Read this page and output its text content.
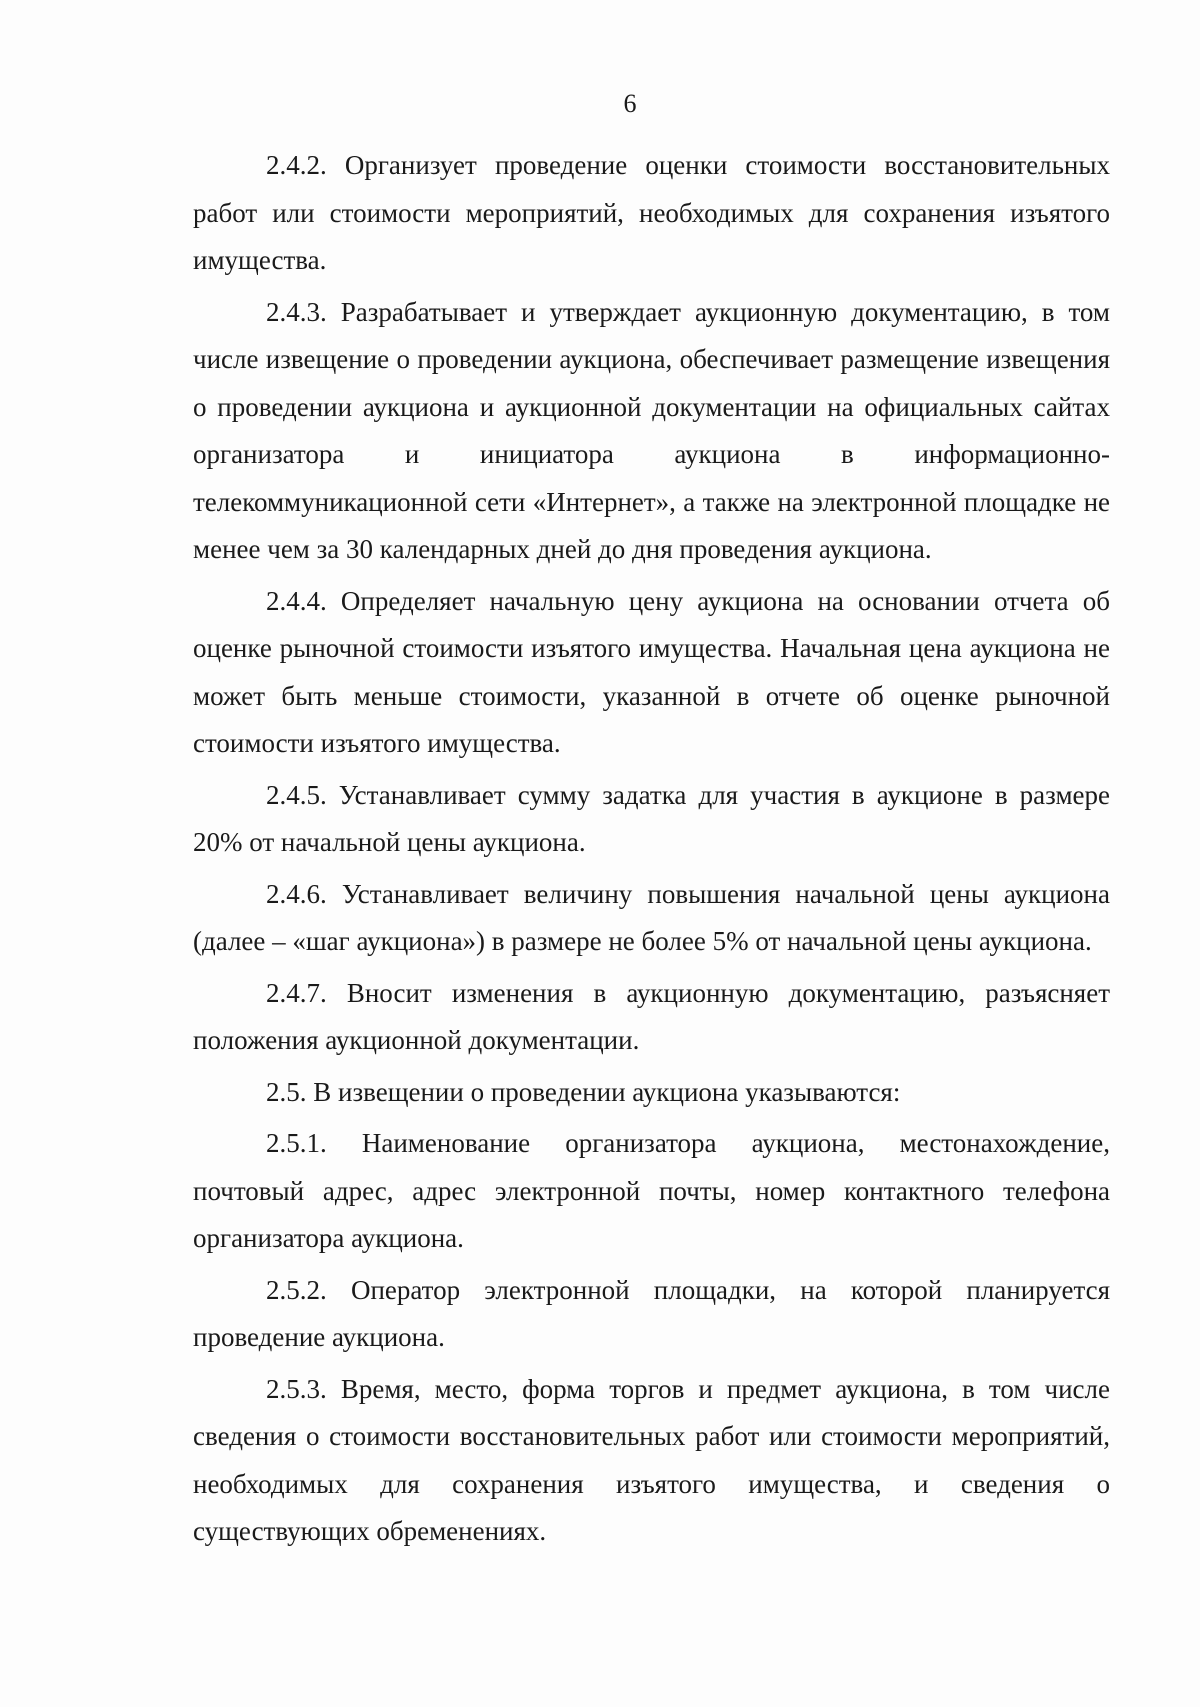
6

2.4.2. Организует проведение оценки стоимости восстановительных работ или стоимости мероприятий, необходимых для сохранения изъятого имущества.

2.4.3. Разрабатывает и утверждает аукционную документацию, в том числе извещение о проведении аукциона, обеспечивает размещение извещения о проведении аукциона и аукционной документации на официальных сайтах организатора и инициатора аукциона в информационно-телекоммуникационной сети «Интернет», а также на электронной площадке не менее чем за 30 календарных дней до дня проведения аукциона.

2.4.4. Определяет начальную цену аукциона на основании отчета об оценке рыночной стоимости изъятого имущества. Начальная цена аукциона не может быть меньше стоимости, указанной в отчете об оценке рыночной стоимости изъятого имущества.

2.4.5. Устанавливает сумму задатка для участия в аукционе в размере 20% от начальной цены аукциона.

2.4.6. Устанавливает величину повышения начальной цены аукциона (далее – «шаг аукциона») в размере не более 5% от начальной цены аукциона.

2.4.7. Вносит изменения в аукционную документацию, разъясняет положения аукционной документации.

2.5. В извещении о проведении аукциона указываются:

2.5.1. Наименование организатора аукциона, местонахождение, почтовый адрес, адрес электронной почты, номер контактного телефона организатора аукциона.

2.5.2. Оператор электронной площадки, на которой планируется проведение аукциона.

2.5.3. Время, место, форма торгов и предмет аукциона, в том числе сведения о стоимости восстановительных работ или стоимости мероприятий, необходимых для сохранения изъятого имущества, и сведения о существующих обременениях.
